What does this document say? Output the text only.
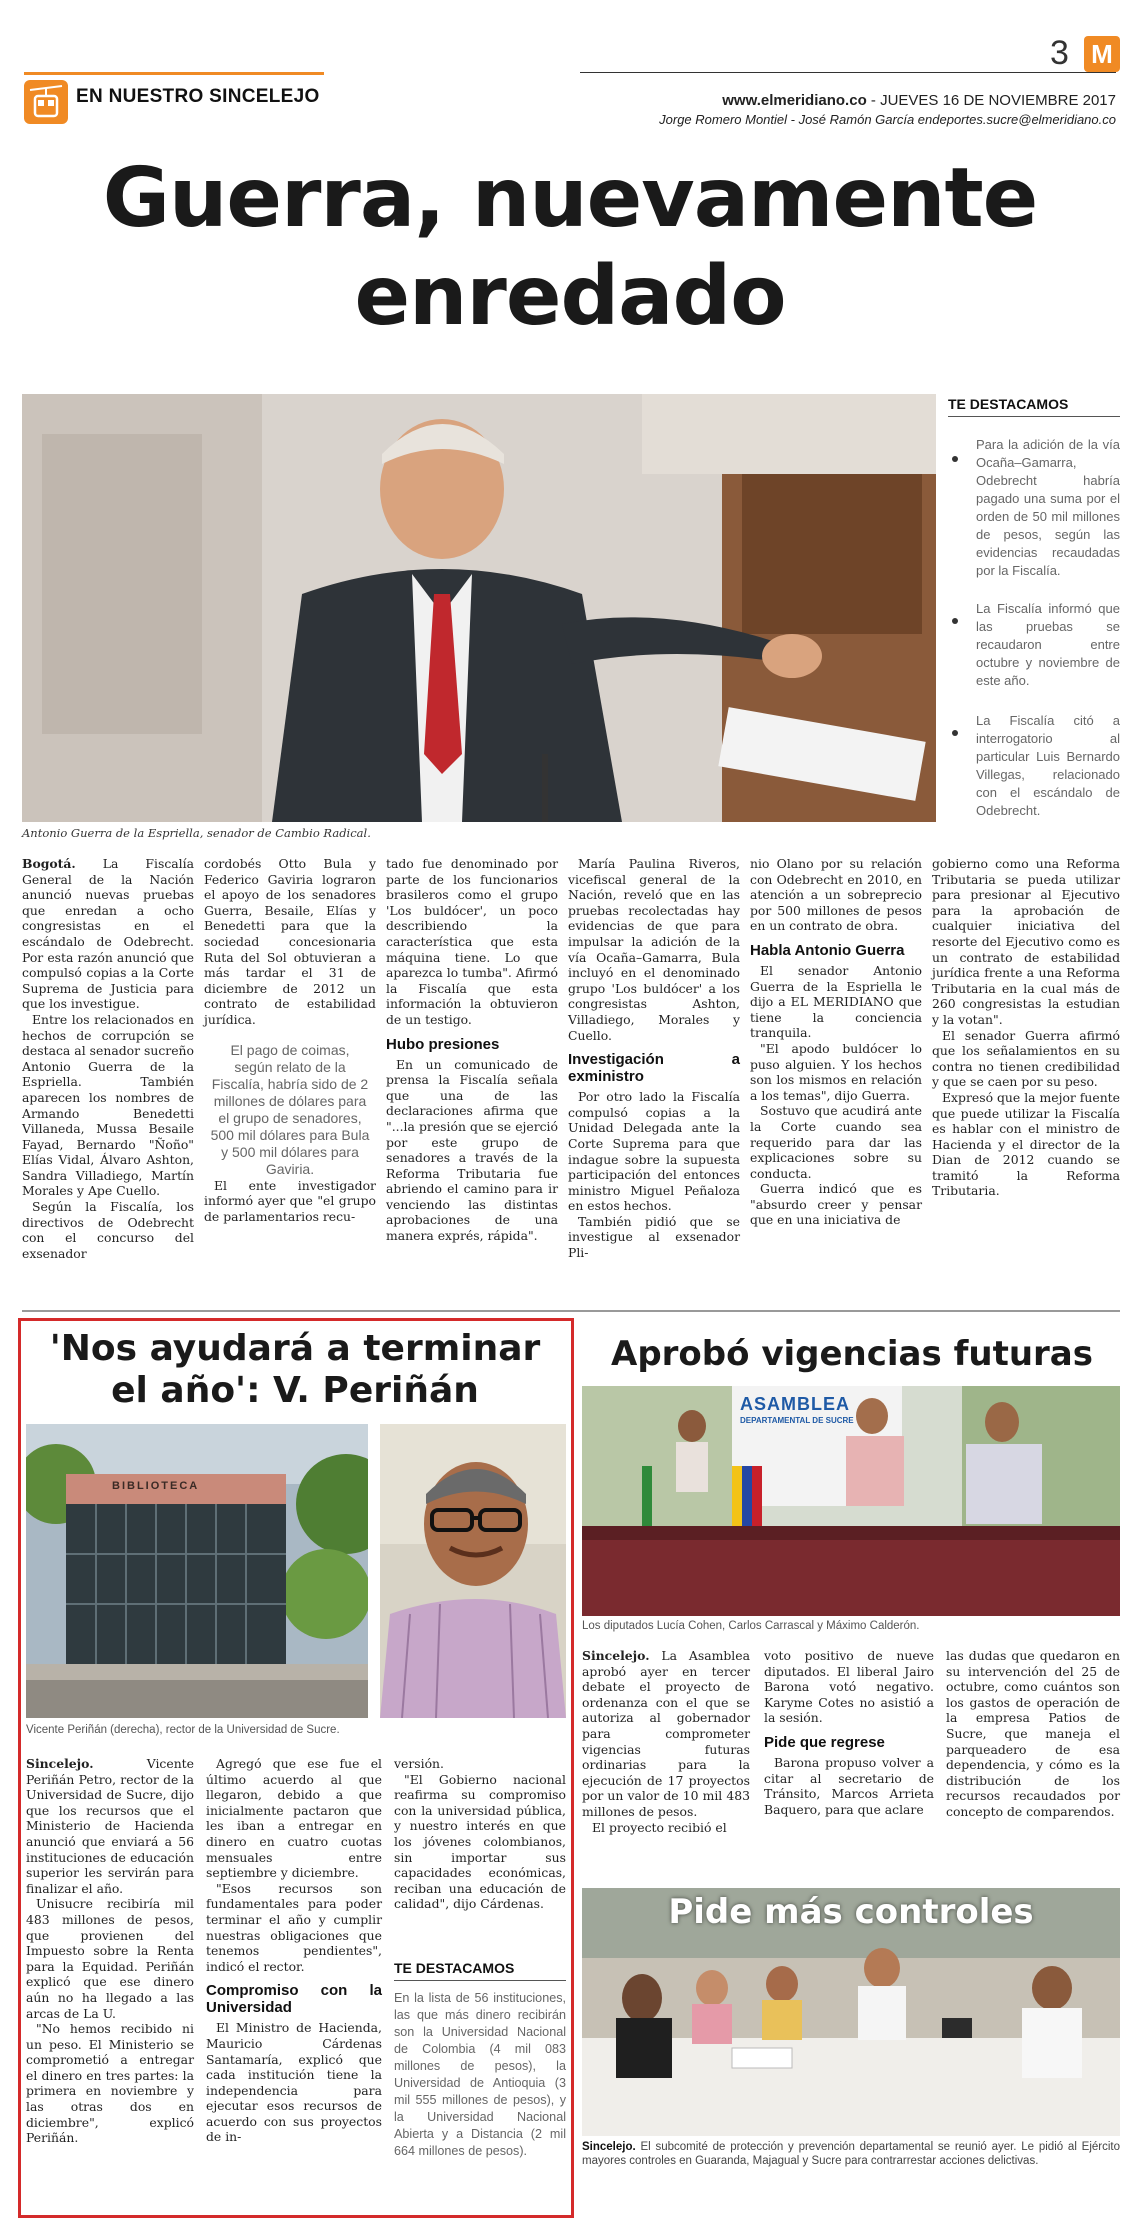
EN NUESTRO SINCELEJO
3 M
www.elmeridiano.co - JUEVES 16 DE NOVIEMBRE 2017
Jorge Romero Montiel - José Ramón García endeportes.sucre@elmeridiano.co
Guerra, nuevamente
enredado
Antonio Guerra de la Espriella, senador de Cambio Radical.
TE DESTACAMOS
Para la adición de la vía Ocaña–Gamarra, Odebrecht habría pagado una suma por el orden de 50 mil millones de pesos, según las evidencias recaudadas por la Fiscalía.
La Fiscalía informó que las pruebas se recaudaron entre octubre y noviembre de este año.
La Fiscalía citó a interrogatorio al particular Luis Bernardo Villegas, relacionado con el escándalo de Odebrecht.

Bogotá. La Fiscalía General de la Nación anunció nuevas pruebas que enredan a ocho congresistas en el escándalo de Odebrecht. Por esta razón anunció que compulsó copias a la Corte Suprema de Justicia para que los investigue.

Entre los relacionados en hechos de corrupción se destaca al senador sucreño Antonio Guerra de la Espriella. También aparecen los nombres de Armando Benedetti Villaneda, Mussa Besaile Fayad, Bernardo "Ñoño" Elías Vidal, Álvaro Ashton, Sandra Villadiego, Martín Morales y Ape Cuello.

Según la Fiscalía, los directivos de Odebrecht con el concurso del exsenador

cordobés Otto Bula y Federico Gaviria lograron el apoyo de los senadores Guerra, Besaile, Elías y Benedetti para que la sociedad concesionaria Ruta del Sol obtuvieran a más tardar el 31 de diciembre de 2012 un contrato de estabilidad jurídica.

El pago de coimas, según relato de la Fiscalía, habría sido de 2 millones de dólares para el grupo de senadores, 500 mil dólares para Bula y 500 mil dólares para Gaviria.

El ente investigador informó ayer que "el grupo de parlamentarios recu-

tado fue denominado por parte de los funcionarios brasileros como el grupo 'Los buldócer', un poco describiendo la característica que esta máquina tiene. Lo que aparezca lo tumba". Afirmó la Fiscalía que esta información la obtuvieron de un testigo.

Hubo presiones

En un comunicado de prensa la Fiscalía señala que una de las declaraciones afirma que "...la presión que se ejerció por este grupo de senadores a través de la Reforma Tributaria fue abriendo el camino para ir venciendo las distintas aprobaciones de una manera exprés, rápida".

María Paulina Riveros, vicefiscal general de la Nación, reveló que en las pruebas recolectadas hay evidencias de que para impulsar la adición de la vía Ocaña–Gamarra, Bula incluyó en el denominado grupo 'Los buldócer' a los congresistas Ashton, Villadiego, Morales y Cuello.

Investigación a exministro

Por otro lado la Fiscalía compulsó copias a la Unidad Delegada ante la Corte Suprema para que indague sobre la supuesta participación del entonces ministro Miguel Peñaloza en estos hechos.

También pidió que se investigue al exsenador Pli-

nio Olano por su relación con Odebrecht en 2010, en atención a un sobreprecio por 500 millones de pesos en un contrato de obra.

Habla Antonio Guerra

El senador Antonio Guerra de la Espriella le dijo a EL MERIDIANO que tiene la conciencia tranquila.

"El apodo buldócer lo puso alguien. Y los hechos son los mismos en relación a los temas", dijo Guerra.

Sostuvo que acudirá ante la Corte cuando sea requerido para dar las explicaciones sobre su conducta.

Guerra indicó que es "absurdo creer y pensar que en una iniciativa de

gobierno como una Reforma Tributaria se pueda utilizar para presionar al Ejecutivo para la aprobación de cualquier iniciativa del resorte del Ejecutivo como es un contrato de estabilidad jurídica frente a una Reforma Tributaria en la cual más de 260 congresistas la estudian y la votan".

El senador Guerra afirmó que los señalamientos en su contra no tienen credibilidad y que se caen por su peso.

Expresó que la mejor fuente que puede utilizar la Fiscalía es hablar con el ministro de Hacienda y el director de la Dian de 2012 cuando se tramitó la Reforma Tributaria.

'Nos ayudará a terminar
el año': V. Periñán
BIBLIOTECA
Vicente Periñán (derecha), rector de la Universidad de Sucre.

Sincelejo. Vicente Periñán Petro, rector de la Universidad de Sucre, dijo que los recursos que el Ministerio de Hacienda anunció que enviará a 56 instituciones de educación superior les servirán para finalizar el año.

Unisucre recibiría mil 483 millones de pesos, que provienen del Impuesto sobre la Renta para la Equidad. Periñán explicó que ese dinero aún no ha llegado a las arcas de La U.

"No hemos recibido ni un peso. El Ministerio se comprometió a entregar el dinero en tres partes: la primera en noviembre y las otras dos en diciembre", explicó Periñán.

Agregó que ese fue el último acuerdo al que llegaron, debido a que inicialmente pactaron que les iban a entregar en dinero en cuatro cuotas mensuales entre septiembre y diciembre.

"Esos recursos son fundamentales para poder terminar el año y cumplir nuestras obligaciones que tenemos pendientes", indicó el rector.

Compromiso con la Universidad

El Ministro de Hacienda, Mauricio Cárdenas Santamaría, explicó que cada institución tiene la independencia para ejecutar esos recursos de acuerdo con sus proyectos de in-

versión.

"El Gobierno nacional reafirma su compromiso con la universidad pública, y nuestro interés en que los jóvenes colombianos, sin importar sus capacidades económicas, reciban una educación de calidad", dijo Cárdenas.

TE DESTACAMOS
En la lista de 56 instituciones, las que más dinero recibirán son la Universidad Nacional de Colombia (4 mil 083 millones de pesos), la Universidad de Antioquia (3 mil 555 millones de pesos), y la Universidad Nacional Abierta y a Distancia (2 mil 664 millones de pesos).
Aprobó vigencias futuras
ASAMBLEA
DEPARTAMENTAL DE SUCRE
Los diputados Lucía Cohen, Carlos Carrascal y Máximo Calderón.

Sincelejo. La Asamblea aprobó ayer en tercer debate el proyecto de ordenanza con el que se autoriza al gobernador para comprometer vigencias futuras ordinarias para la ejecución de 17 proyectos por un valor de 10 mil 483 millones de pesos.

El proyecto recibió el

voto positivo de nueve diputados. El liberal Jairo Barona votó negativo. Karyme Cotes no asistió a la sesión.

Pide que regrese

Barona propuso volver a citar al secretario de Tránsito, Marcos Arrieta Baquero, para que aclare

las dudas que quedaron en su intervención del 25 de octubre, como cuántos son los gastos de operación de la empresa Patios de Sucre, que maneja el parqueadero de esa dependencia, y cómo es la distribución de los recursos recaudados por concepto de comparendos.

Pide más controles
Sincelejo. El subcomité de protección y prevención departamental se reunió ayer. Le pidió al Ejército mayores controles en Guaranda, Majagual y Sucre para contrarrestar acciones delictivas.
